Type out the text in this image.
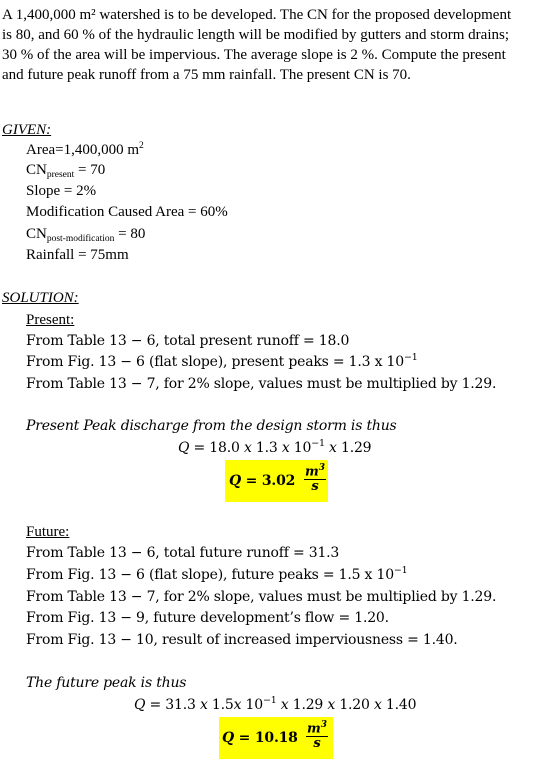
A 1,400,000 m² watershed is to be developed. The CN for the proposed development
is 80, and 60 % of the hydraulic length will be modified by gutters and storm drains;
30 % of the area will be impervious. The average slope is 2 %. Compute the present
and future peak runoff from a 75 mm rainfall. The present CN is 70.
GIVEN:
Area=1,400,000 $m^2$
$CN_{present} = 70$
Slope = 2%
Modification Caused Area = 60%
$CN_{post-modification} = 80$
Rainfall = 75mm
SOLUTION:
Present:
From Table 13 − 6, total present runoff = 18.0
From Fig. 13 − 6 (flat slope), present peaks = 1.3 x $10^{-1}$
From Table 13 − 7, for 2% slope, values must be multiplied by 1.29.
Present Peak discharge from the design storm is thus
Q = 18.0 x 1.3 x $10^{-1}$ x 1.29
Q = 3.02
$m^3$
s
Future:
From Table 13 − 6, total future runoff = 31.3
From Fig. 13 − 6 (flat slope), future peaks = 1.5 x $10^{-1}$
From Table 13 − 7, for 2% slope, values must be multiplied by 1.29.
From Fig. 13 − 9, future development’s flow = 1.20.
From Fig. 13 − 10, result of increased imperviousness = 1.40.
The future peak is thus
Q = 31.3 x 1.5x $10^{-1}$ x 1.29 x 1.20 x 1.40
Q = 10.18
$m^3$
s
